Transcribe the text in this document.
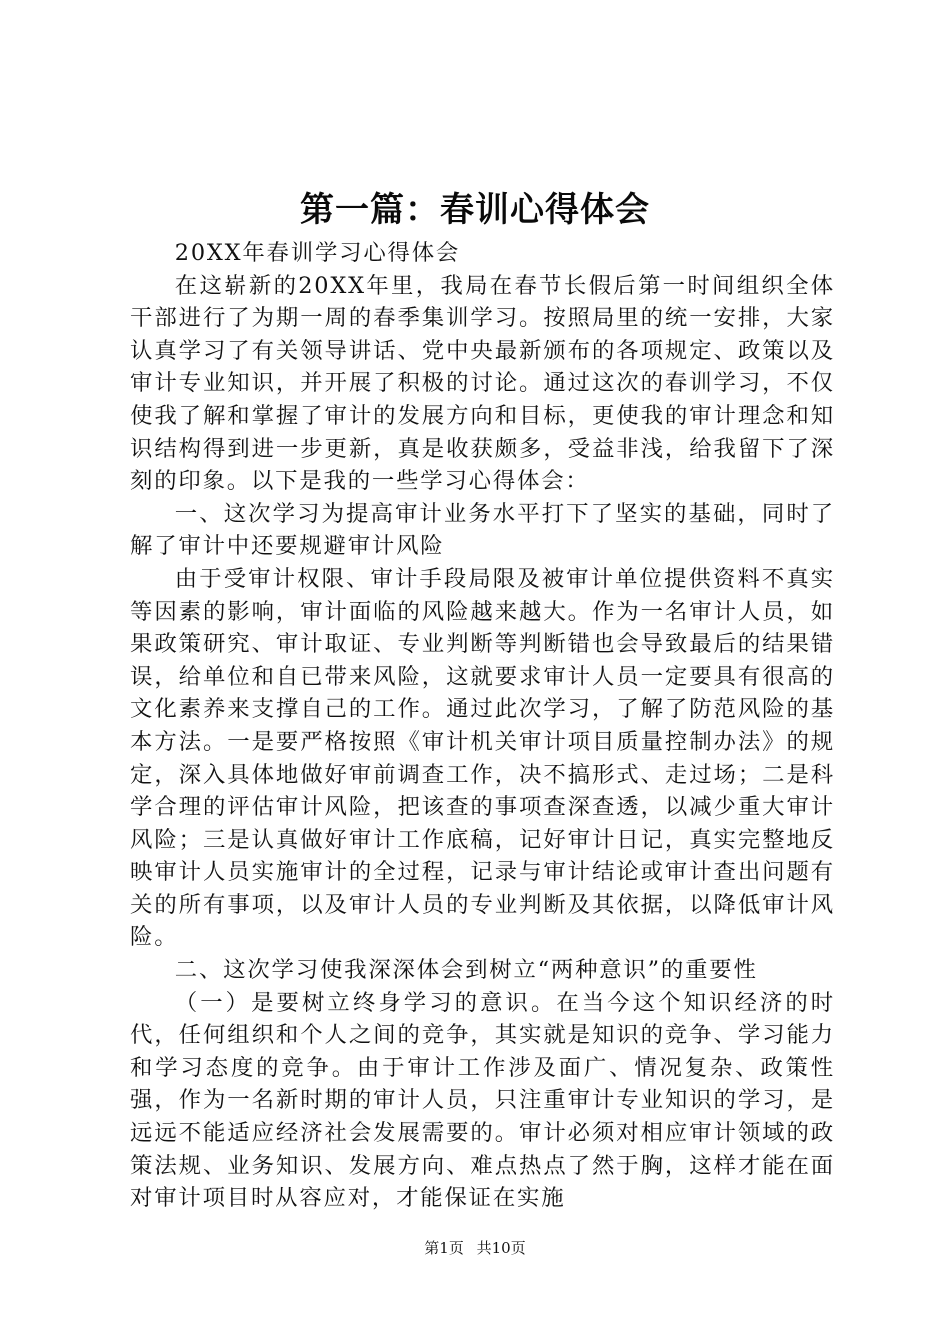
第一篇：春训心得体会

20XX年春训学习心得体会

在这崭新的20XX年里，我局在春节长假后第一时间组织全体干部进行了为期一周的春季集训学习。按照局里的统一安排，大家认真学习了有关领导讲话、党中央最新颁布的各项规定、政策以及审计专业知识，并开展了积极的讨论。通过这次的春训学习，不仅使我了解和掌握了审计的发展方向和目标，更使我的审计理念和知识结构得到进一步更新，真是收获颇多，受益非浅，给我留下了深刻的印象。以下是我的一些学习心得体会：

一、这次学习为提高审计业务水平打下了坚实的基础，同时了解了审计中还要规避审计风险

由于受审计权限、审计手段局限及被审计单位提供资料不真实等因素的影响，审计面临的风险越来越大。作为一名审计人员，如果政策研究、审计取证、专业判断等判断错也会导致最后的结果错误，给单位和自已带来风险，这就要求审计人员一定要具有很高的文化素养来支撑自己的工作。通过此次学习，了解了防范风险的基本方法。一是要严格按照《审计机关审计项目质量控制办法》的规定，深入具体地做好审前调查工作，决不搞形式、走过场；二是科学合理的评估审计风险，把该查的事项查深查透，以减少重大审计风险；三是认真做好审计工作底稿，记好审计日记，真实完整地反映审计人员实施审计的全过程，记录与审计结论或审计查出问题有关的所有事项，以及审计人员的专业判断及其依据，以降低审计风险。

二、这次学习使我深深体会到树立“两种意识”的重要性

（一）是要树立终身学习的意识。在当今这个知识经济的时代，任何组织和个人之间的竞争，其实就是知识的竞争、学习能力和学习态度的竞争。由于审计工作涉及面广、情况复杂、政策性强，作为一名新时期的审计人员，只注重审计专业知识的学习，是远远不能适应经济社会发展需要的。审计必须对相应审计领域的政策法规、业务知识、发展方向、难点热点了然于胸，这样才能在面对审计项目时从容应对，才能保证在实施

第1页 共10页
